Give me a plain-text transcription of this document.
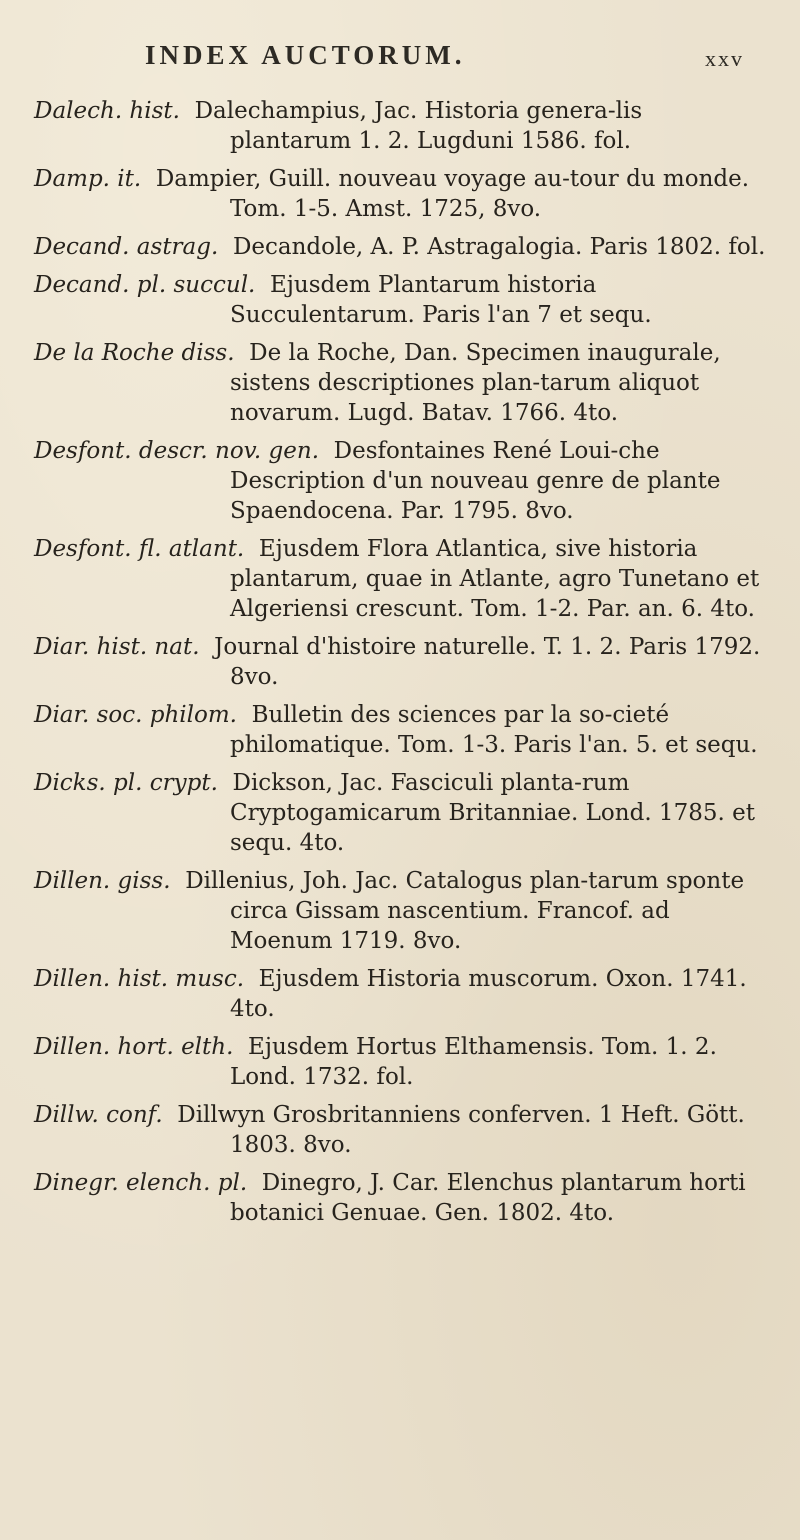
INDEX AUCTORUM.	xxv

Dalech. hist. Dalechampius, Jac. Historia genera-lis plantarum 1. 2. Lugduni 1586. fol.

Damp. it. Dampier, Guill. nouveau voyage au-tour du monde. Tom. 1-5. Amst. 1725, 8vo.

Decand. astrag. Decandole, A. P. Astragalogia. Paris 1802. fol.

Decand. pl. succul. Ejusdem Plantarum historia Succulentarum. Paris l'an 7 et sequ.

De la Roche diss. De la Roche, Dan. Specimen inaugurale, sistens descriptiones plan-tarum aliquot novarum. Lugd. Batav. 1766. 4to.

Desfont. descr. nov. gen. Desfontaines René Loui-che Description d'un nouveau genre de plante Spaendocena. Par. 1795. 8vo.

Desfont. fl. atlant. Ejusdem Flora Atlantica, sive historia plantarum, quae in Atlante, agro Tunetano et Algeriensi crescunt. Tom. 1-2. Par. an. 6. 4to.

Diar. hist. nat. Journal d'histoire naturelle. T. 1. 2. Paris 1792. 8vo.

Diar. soc. philom. Bulletin des sciences par la so-cieté philomatique. Tom. 1-3. Paris l'an. 5. et sequ.

Dicks. pl. crypt. Dickson, Jac. Fasciculi planta-rum Cryptogamicarum Britanniae. Lond. 1785. et sequ. 4to.

Dillen. giss. Dillenius, Joh. Jac. Catalogus plan-tarum sponte circa Gissam nascentium. Francof. ad Moenum 1719. 8vo.

Dillen. hist. musc. Ejusdem Historia muscorum. Oxon. 1741. 4to.

Dillen. hort. elth. Ejusdem Hortus Elthamensis. Tom. 1. 2. Lond. 1732. fol.

Dillw. conf. Dillwyn Grosbritanniens conferven. 1 Heft. Gött. 1803. 8vo.

Dinegr. elench. pl. Dinegro, J. Car. Elenchus plantarum horti botanici Genuae. Gen. 1802. 4to.
